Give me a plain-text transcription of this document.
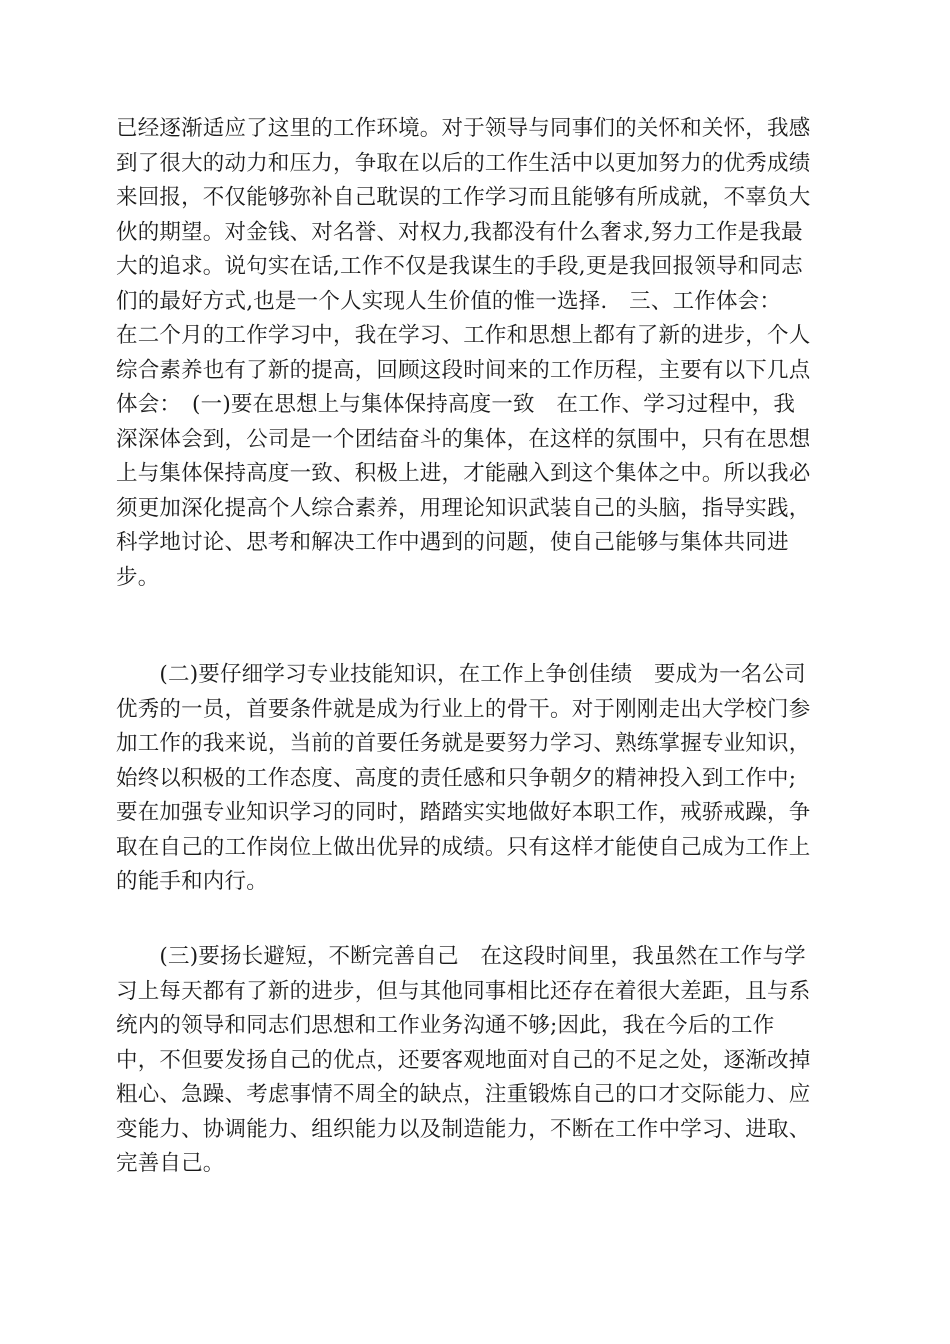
已经逐渐适应了这里的工作环境。对于领导与同事们的关怀和关怀，我感
到了很大的动力和压力，争取在以后的工作生活中以更加努力的优秀成绩
来回报，不仅能够弥补自己耽误的工作学习而且能够有所成就，不辜负大
伙的期望。对金钱、对名誉、对权力,我都没有什么奢求,努力工作是我最
大的追求。说句实在话,工作不仅是我谋生的手段,更是我回报领导和同志
们的最好方式,也是一个人实现人生价值的惟一选择.　三、工作体会：
在二个月的工作学习中，我在学习、工作和思想上都有了新的进步，个人
综合素养也有了新的提高，回顾这段时间来的工作历程，主要有以下几点
体会：　(一)要在思想上与集体保持高度一致　在工作、学习过程中，我
深深体会到，公司是一个团结奋斗的集体，在这样的氛围中，只有在思想
上与集体保持高度一致、积极上进，才能融入到这个集体之中。所以我必
须更加深化提高个人综合素养，用理论知识武装自己的头脑，指导实践，
科学地讨论、思考和解决工作中遇到的问题，使自己能够与集体共同进
步。
　　(二)要仔细学习专业技能知识，在工作上争创佳绩　要成为一名公司
优秀的一员，首要条件就是成为行业上的骨干。对于刚刚走出大学校门参
加工作的我来说，当前的首要任务就是要努力学习、熟练掌握专业知识，
始终以积极的工作态度、高度的责任感和只争朝夕的精神投入到工作中;
要在加强专业知识学习的同时，踏踏实实地做好本职工作，戒骄戒躁，争
取在自己的工作岗位上做出优异的成绩。只有这样才能使自己成为工作上
的能手和内行。
　　(三)要扬长避短，不断完善自己　在这段时间里，我虽然在工作与学
习上每天都有了新的进步，但与其他同事相比还存在着很大差距，且与系
统内的领导和同志们思想和工作业务沟通不够;因此，我在今后的工作
中，不但要发扬自己的优点，还要客观地面对自己的不足之处，逐渐改掉
粗心、急躁、考虑事情不周全的缺点，注重锻炼自己的口才交际能力、应
变能力、协调能力、组织能力以及制造能力，不断在工作中学习、进取、
完善自己。
